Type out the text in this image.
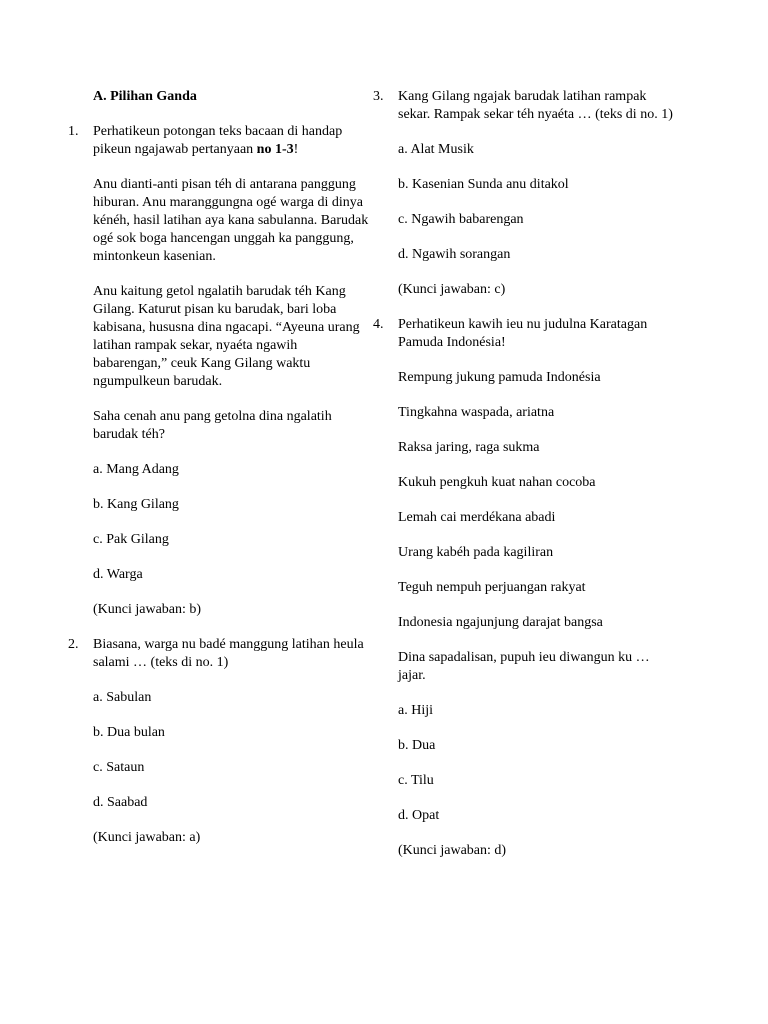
A. Pilihan Ganda

1. Perhatikeun potongan teks bacaan di handap pikeun ngajawab pertanyaan no 1-3!

Anu dianti-anti pisan téh di antarana panggung hiburan. Anu maranggungna ogé warga di dinya kénéh, hasil latihan aya kana sabulanna. Barudak ogé sok boga hancengan unggah ka panggung, mintonkeun kasenian.

Anu kaitung getol ngalatih barudak téh Kang Gilang. Katurut pisan ku barudak, bari loba kabisana, hususna dina ngacapi. “Ayeuna urang latihan rampak sekar, nyaéta ngawih babarengan,” ceuk Kang Gilang waktu ngumpulkeun barudak.

Saha cenah anu pang getolna dina ngalatih barudak téh?

a. Mang Adang

b. Kang Gilang

c. Pak Gilang

d. Warga

(Kunci jawaban: b)

2. Biasana, warga nu badé manggung latihan heula salami … (teks di no. 1)

a. Sabulan

b. Dua bulan

c. Sataun

d. Saabad

(Kunci jawaban: a)

3. Kang Gilang ngajak barudak latihan rampak sekar. Rampak sekar téh nyaéta … (teks di no. 1)

a. Alat Musik

b. Kasenian Sunda anu ditakol

c. Ngawih babarengan

d. Ngawih sorangan

(Kunci jawaban: c)

4. Perhatikeun kawih ieu nu judulna Karatagan Pamuda Indonésia!

Rempung jukung pamuda Indonésia

Tingkahna waspada, ariatna

Raksa jaring, raga sukma

Kukuh pengkuh kuat nahan cocoba

Lemah cai merdékana abadi

Urang kabéh pada kagiliran

Teguh nempuh perjuangan rakyat

Indonesia ngajunjung darajat bangsa

Dina sapadalisan, pupuh ieu diwangun ku … jajar.

a. Hiji

b. Dua

c. Tilu

d. Opat

(Kunci jawaban: d)
